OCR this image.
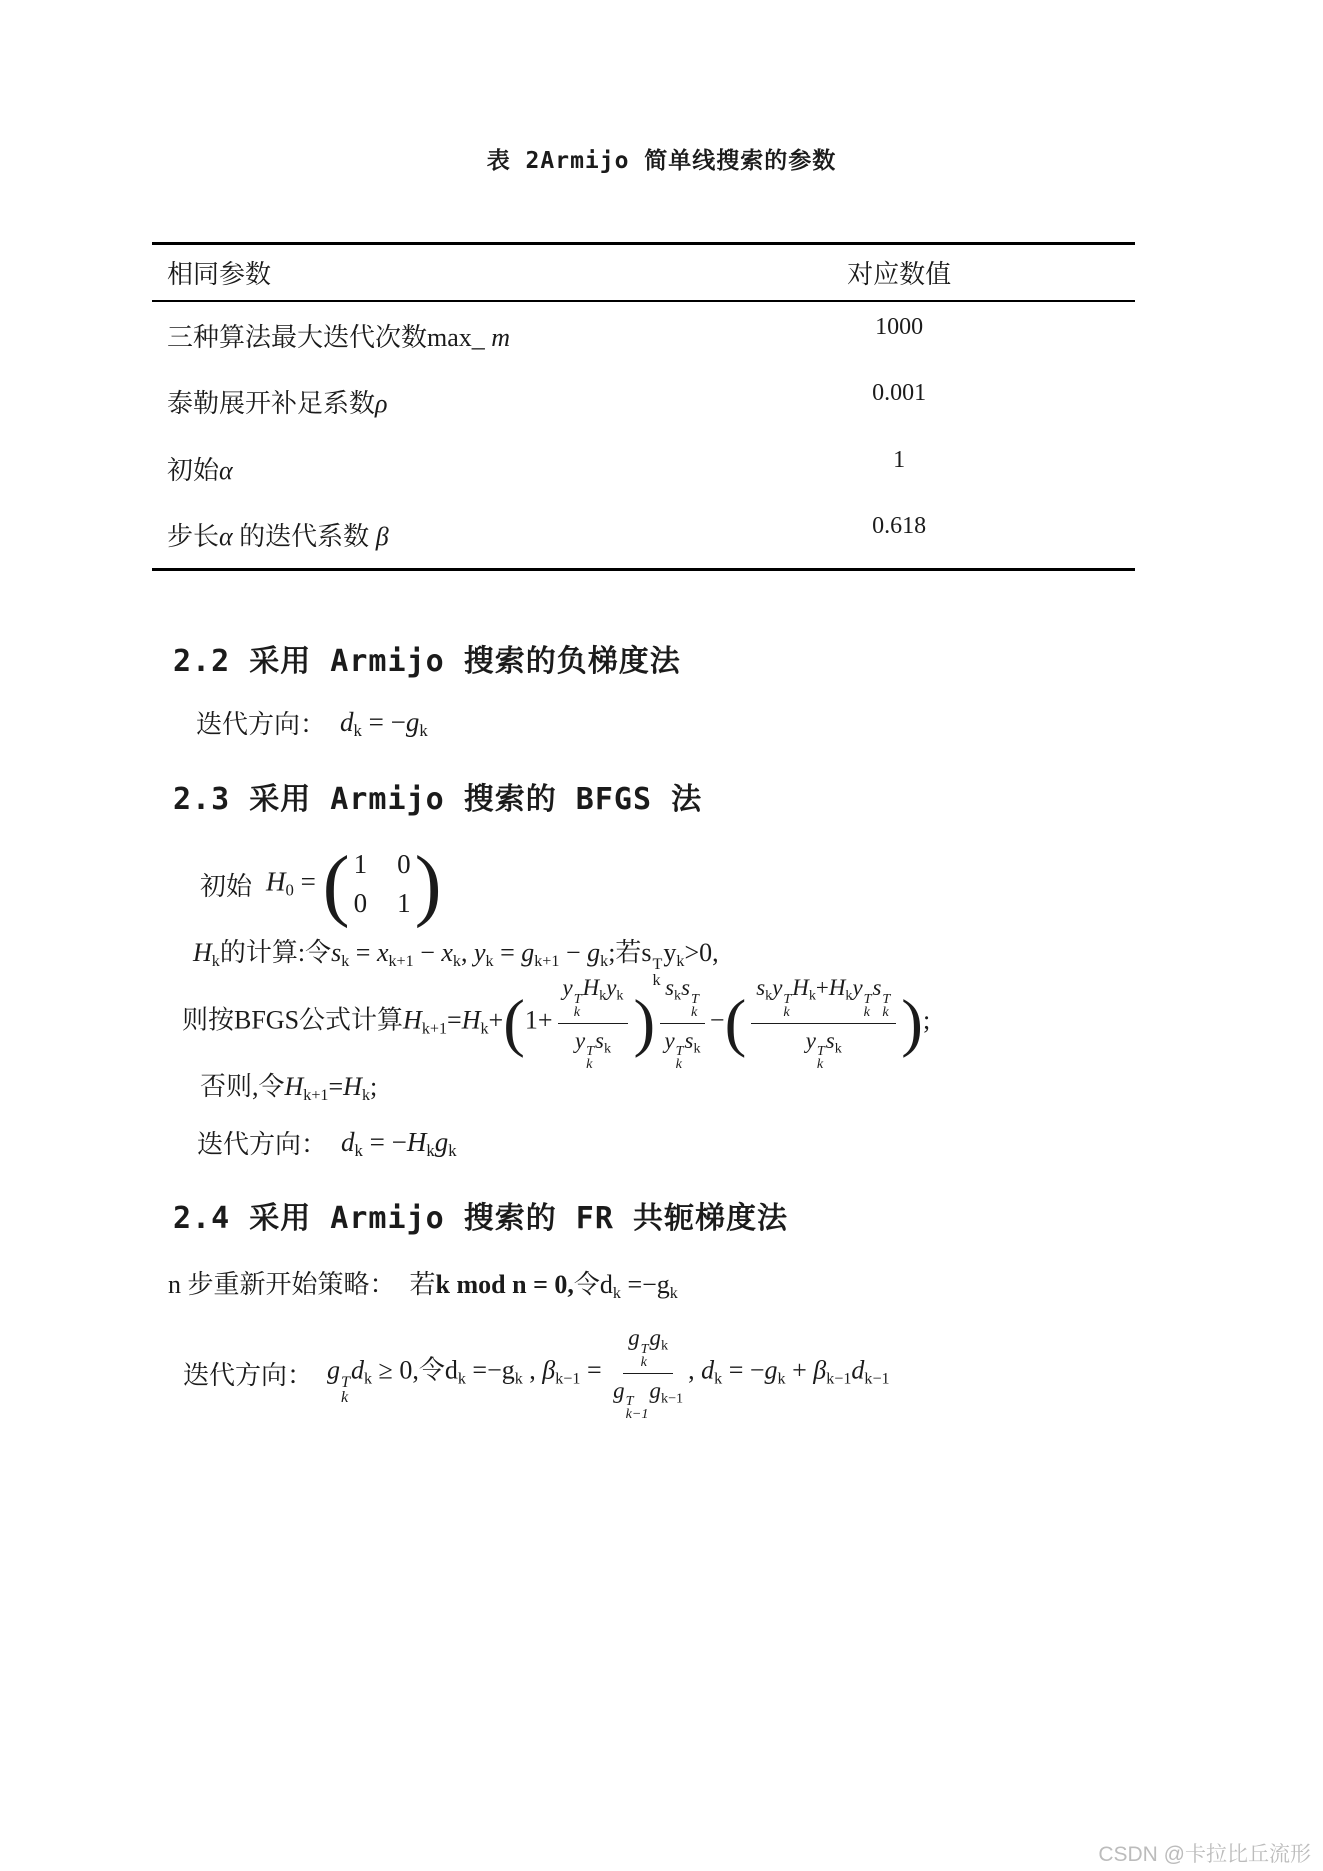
表 2Armijo 简单线搜索的参数
相同参数	对应数值
三种算法最大迭代次数max_ m	1000
泰勒展开补足系数ρ	0.001
初始α	1
步长α 的迭代系数 β	0.618
2.2 采用 Armijo 搜索的负梯度法
迭代方向： $d_k = -g_k$
2.3 采用 Armijo 搜索的 BFGS 法
初始 $H_0$ = ( 1 0
0 1 )
$H_k$的计算:令$s_k = x_{k+1} - x_k$, $y_k = g_{k+1} - g_k$;若s T
k
$y_k>0$,
则按BFGS公式计算$H_{k+1}=H_k+(1+ y$ T
k
$H_ky_k$
y T
k
$s_k$ ) $s_ks$ T
k
y T
k
$s_k$ −( $s_ky$ T
k
$H_k+H_ky$ T
k
s T
k
y T
k
$s_k$ );
否则,令$H_{k+1}=H_k$;
迭代方向： $d_k = -H_kg_k$
2.4 采用 Armijo 搜索的 FR 共轭梯度法
n 步重新开始策略： 若k mod n = 0,令$d_k =-g_k$
迭代方向： g T
k
$d_k \ge 0$,令$d_k =-g_k$ , $\beta_{k-1} = g$ T
k
$g_k$
g T
k−1
$g_{k-1}$ , $d_k = -g_k + \beta_{k-1}d_{k-1}$
CSDN @卡拉比丘流形
